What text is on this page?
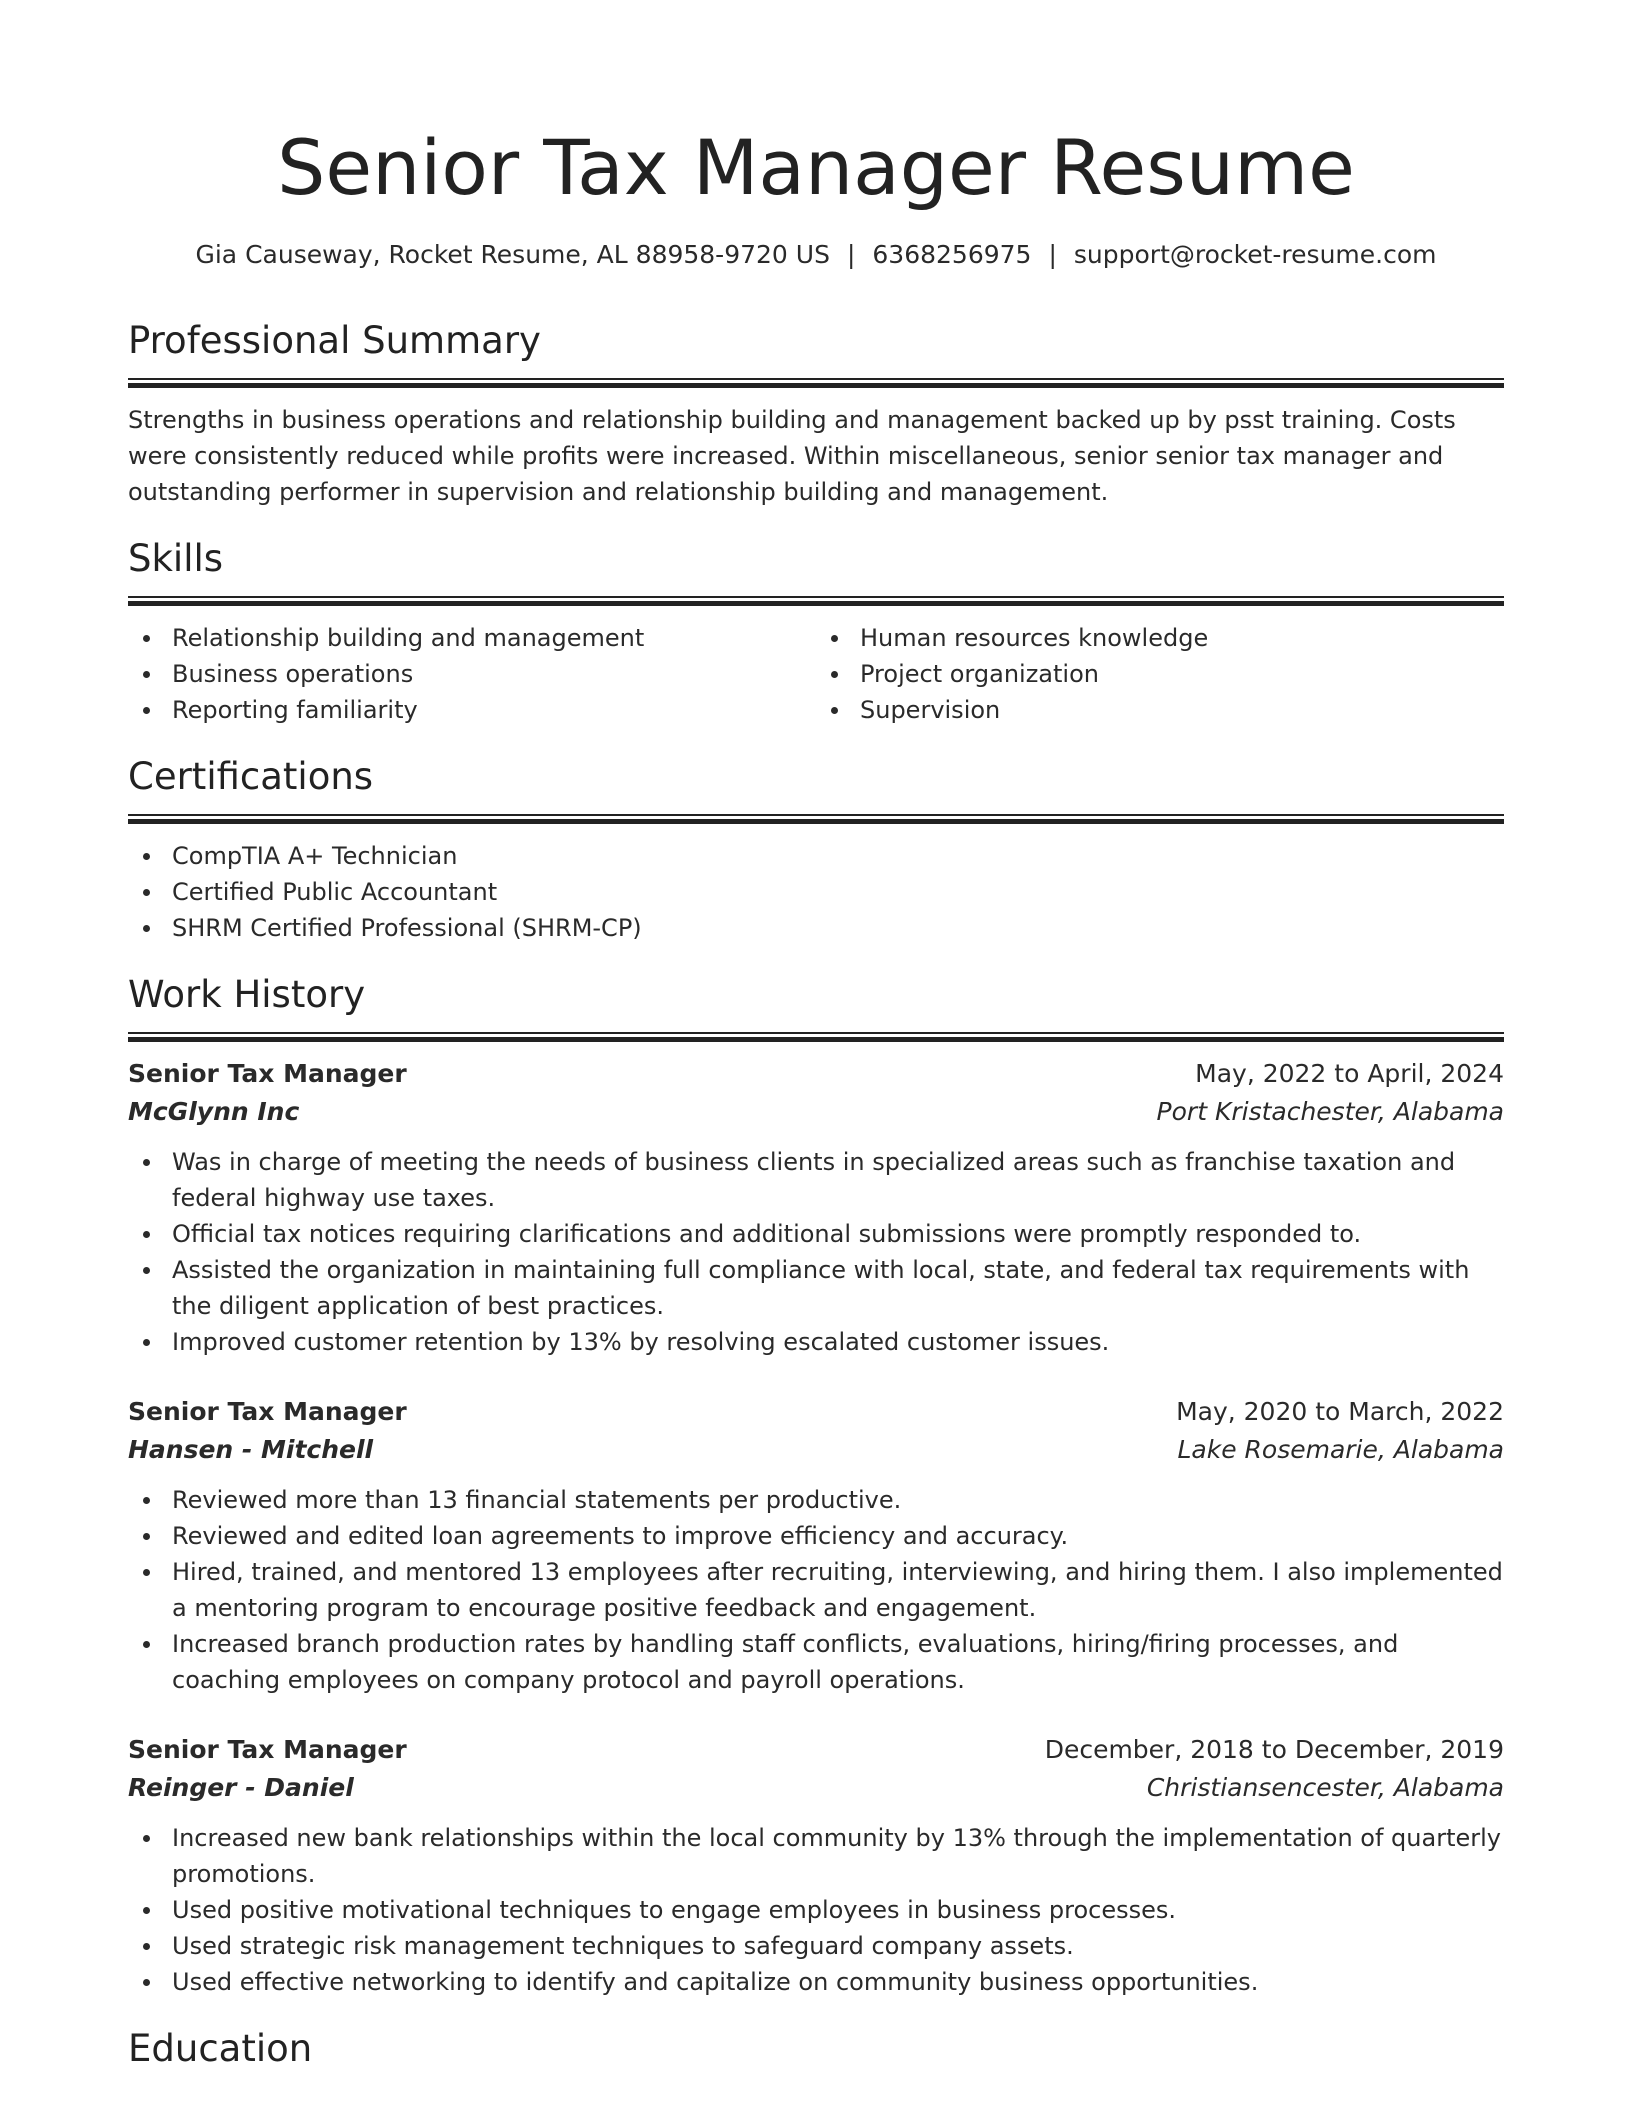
Senior Tax Manager Resume
Gia Causeway, Rocket Resume, AL 88958-9720 US | 6368256975 | support@rocket-resume.com
Professional Summary

Strengths in business operations and relationship building and management backed up by psst training. Costs were consistently reduced while profits were increased. Within miscellaneous, senior senior tax manager and outstanding performer in supervision and relationship building and management.

Skills
Relationship building and management
Business operations
Reporting familiarity
Human resources knowledge
Project organization
Supervision
Certifications
CompTIA A+ Technician
Certified Public Accountant
SHRM Certified Professional (SHRM-CP)
Work History
Senior Tax Manager	May, 2022 to April, 2024
McGlynn Inc	Port Kristachester, Alabama
Was in charge of meeting the needs of business clients in specialized areas such as franchise taxation and federal highway use taxes.
Official tax notices requiring clarifications and additional submissions were promptly responded to.
Assisted the organization in maintaining full compliance with local, state, and federal tax requirements with the diligent application of best practices.
Improved customer retention by 13% by resolving escalated customer issues.
Senior Tax Manager	May, 2020 to March, 2022
Hansen - Mitchell	Lake Rosemarie, Alabama
Reviewed more than 13 financial statements per productive.
Reviewed and edited loan agreements to improve efficiency and accuracy.
Hired, trained, and mentored 13 employees after recruiting, interviewing, and hiring them. I also implemented a mentoring program to encourage positive feedback and engagement.
Increased branch production rates by handling staff conflicts, evaluations, hiring/firing processes, and coaching employees on company protocol and payroll operations.
Senior Tax Manager	December, 2018 to December, 2019
Reinger - Daniel	Christiansencester, Alabama
Increased new bank relationships within the local community by 13% through the implementation of quarterly promotions.
Used positive motivational techniques to engage employees in business processes.
Used strategic risk management techniques to safeguard company assets.
Used effective networking to identify and capitalize on community business opportunities.
Education
